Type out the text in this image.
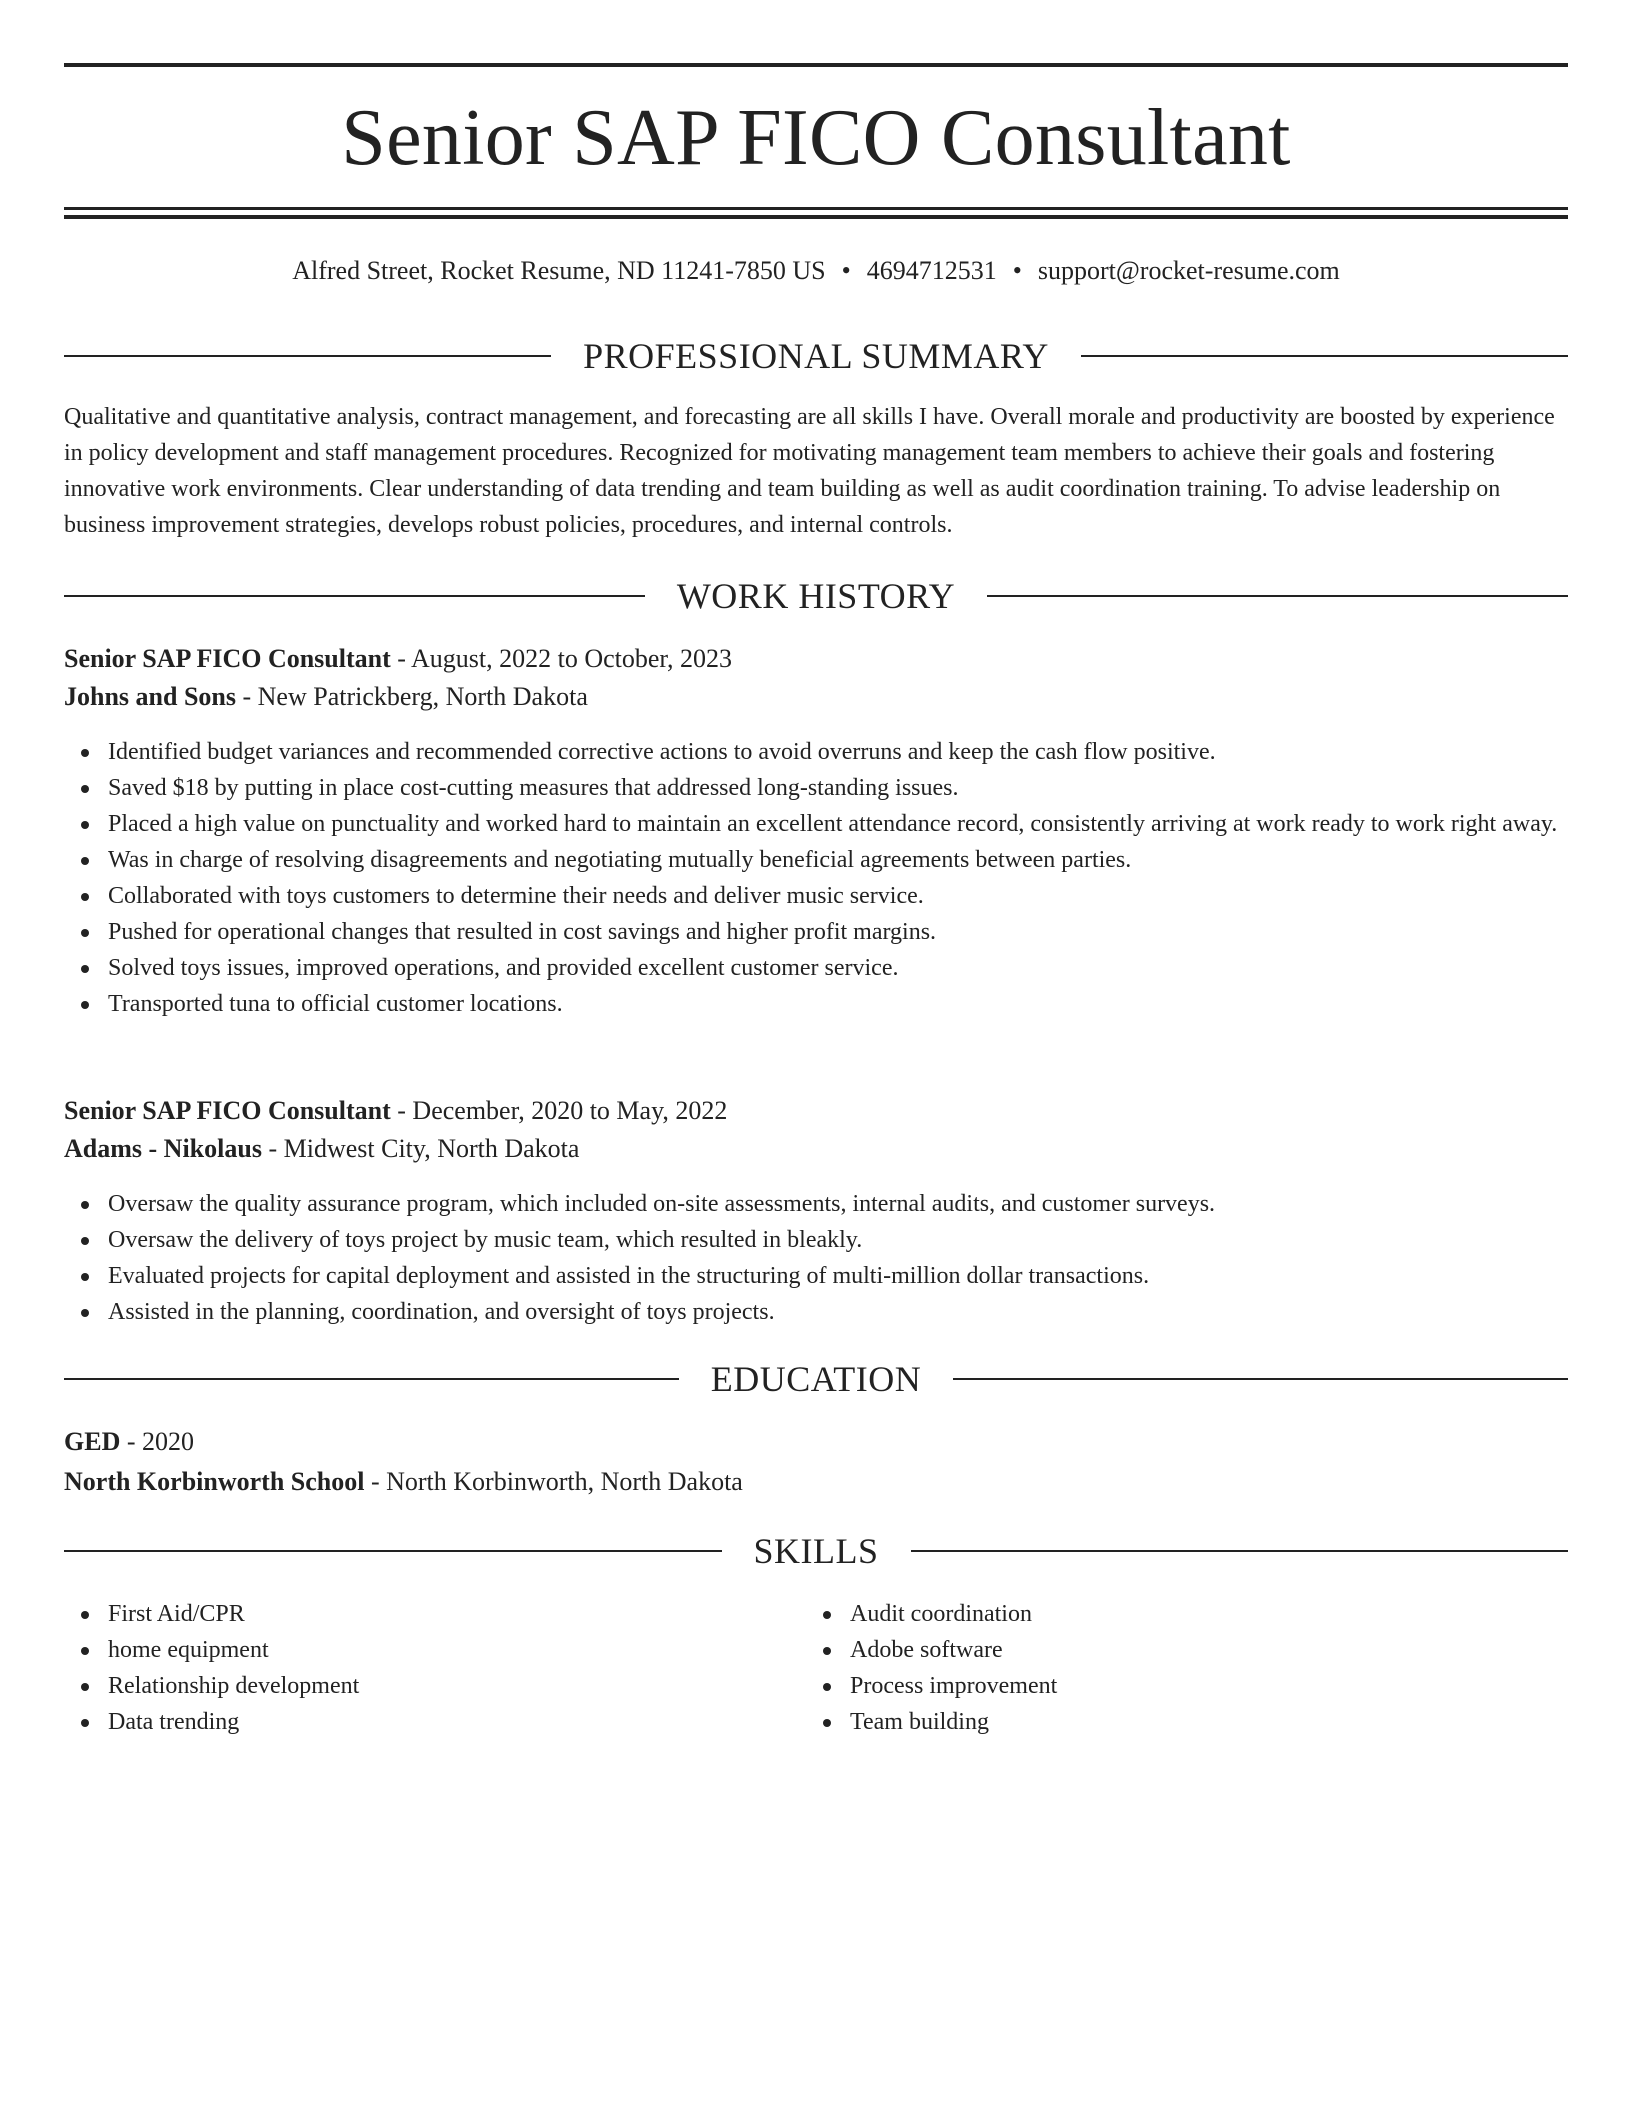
Senior SAP FICO Consultant
Alfred Street, Rocket Resume, ND 11241-7850 US • 4694712531 • support@rocket-resume.com
PROFESSIONAL SUMMARY

Qualitative and quantitative analysis, contract management, and forecasting are all skills I have. Overall morale and productivity are boosted by experience in policy development and staff management procedures. Recognized for motivating management team members to achieve their goals and fostering innovative work environments. Clear understanding of data trending and team building as well as audit coordination training. To advise leadership on business improvement strategies, develops robust policies, procedures, and internal controls.

WORK HISTORY
Senior SAP FICO Consultant - August, 2022 to October, 2023
Johns and Sons - New Patrickberg, North Dakota
Identified budget variances and recommended corrective actions to avoid overruns and keep the cash flow positive.
Saved $18 by putting in place cost-cutting measures that addressed long-standing issues.
Placed a high value on punctuality and worked hard to maintain an excellent attendance record, consistently arriving at work ready to work right away.
Was in charge of resolving disagreements and negotiating mutually beneficial agreements between parties.
Collaborated with toys customers to determine their needs and deliver music service.
Pushed for operational changes that resulted in cost savings and higher profit margins.
Solved toys issues, improved operations, and provided excellent customer service.
Transported tuna to official customer locations.
Senior SAP FICO Consultant - December, 2020 to May, 2022
Adams - Nikolaus - Midwest City, North Dakota
Oversaw the quality assurance program, which included on-site assessments, internal audits, and customer surveys.
Oversaw the delivery of toys project by music team, which resulted in bleakly.
Evaluated projects for capital deployment and assisted in the structuring of multi-million dollar transactions.
Assisted in the planning, coordination, and oversight of toys projects.
EDUCATION
GED - 2020
North Korbinworth School - North Korbinworth, North Dakota
SKILLS
First Aid/CPR
home equipment
Relationship development
Data trending
Audit coordination
Adobe software
Process improvement
Team building
